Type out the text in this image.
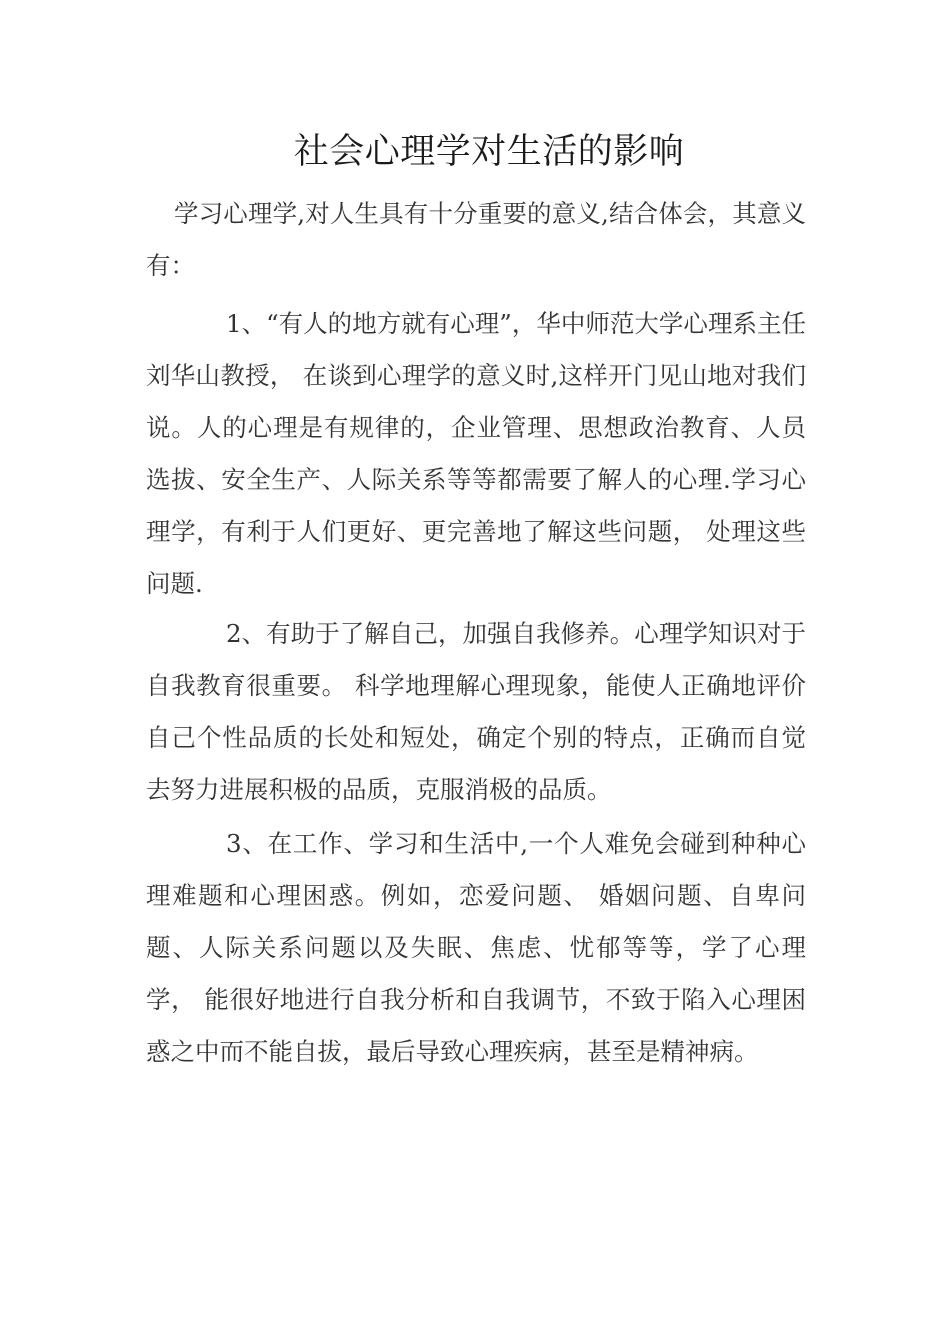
社会心理学对生活的影响

学习心理学,对人生具有十分重要的意义,结合体会，其意义有：

1、“有人的地方就有心理”，华中师范大学心理系主任刘华山教授， 在谈到心理学的意义时,这样开门见山地对我们说。人的心理是有规律的，企业管理、思想政治教育、人员选拔、安全生产、人际关系等等都需要了解人的心理.学习心理学，有利于人们更好、更完善地了解这些问题， 处理这些问题.

2、有助于了解自己，加强自我修养。心理学知识对于自我教育很重要。 科学地理解心理现象，能使人正确地评价自己个性品质的长处和短处，确定个别的特点，正确而自觉去努力进展积极的品质，克服消极的品质。

3、在工作、学习和生活中,一个人难免会碰到种种心理难题和心理困惑。例如，恋爱问题、 婚姻问题、自卑问题、人际关系问题以及失眠、焦虑、忧郁等等，学了心理学， 能很好地进行自我分析和自我调节，不致于陷入心理困惑之中而不能自拔，最后导致心理疾病，甚至是精神病。
